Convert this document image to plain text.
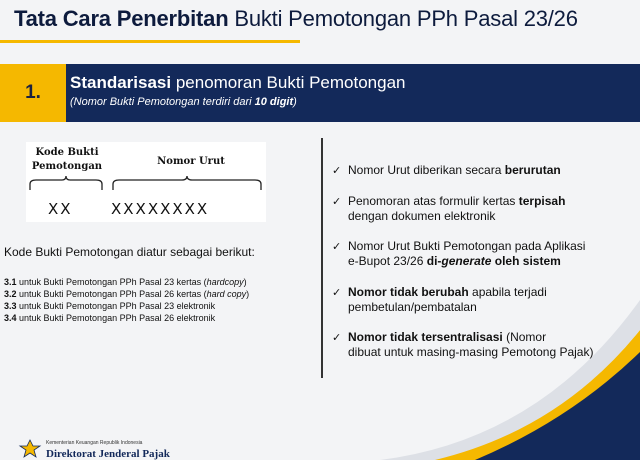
Tata Cara Penerbitan Bukti Pemotongan PPh Pasal 23/26
1.	Standarisasi penomoran Bukti Pemotongan
(Nomor Bukti Pemotongan terdiri dari 10 digit)
Kode Bukti
Pemotongan	Nomor Urut
XX	XXXXXXXX
Kode Bukti Pemotongan diatur sebagai berikut:
3.1 untuk Bukti Pemotongan PPh Pasal 23 kertas (hardcopy)
3.2 untuk Bukti Pemotongan PPh Pasal 26 kertas (hard copy)
3.3 untuk Bukti Pemotongan PPh Pasal 23 elektronik
3.4 untuk Bukti Pemotongan PPh Pasal 26 elektronik
✓ Nomor Urut diberikan secara berurutan
✓ Penomoran atas formulir kertas terpisah
dengan dokumen elektronik
✓ Nomor Urut Bukti Pemotongan pada Aplikasi
e-Bupot 23/26 di-generate oleh sistem
✓ Nomor tidak berubah apabila terjadi
pembetulan/pembatalan
✓ Nomor tidak tersentralisasi (Nomor
dibuat untuk masing-masing Pemotong Pajak)
Kementerian Keuangan Republik Indonesia
Direktorat Jenderal Pajak
